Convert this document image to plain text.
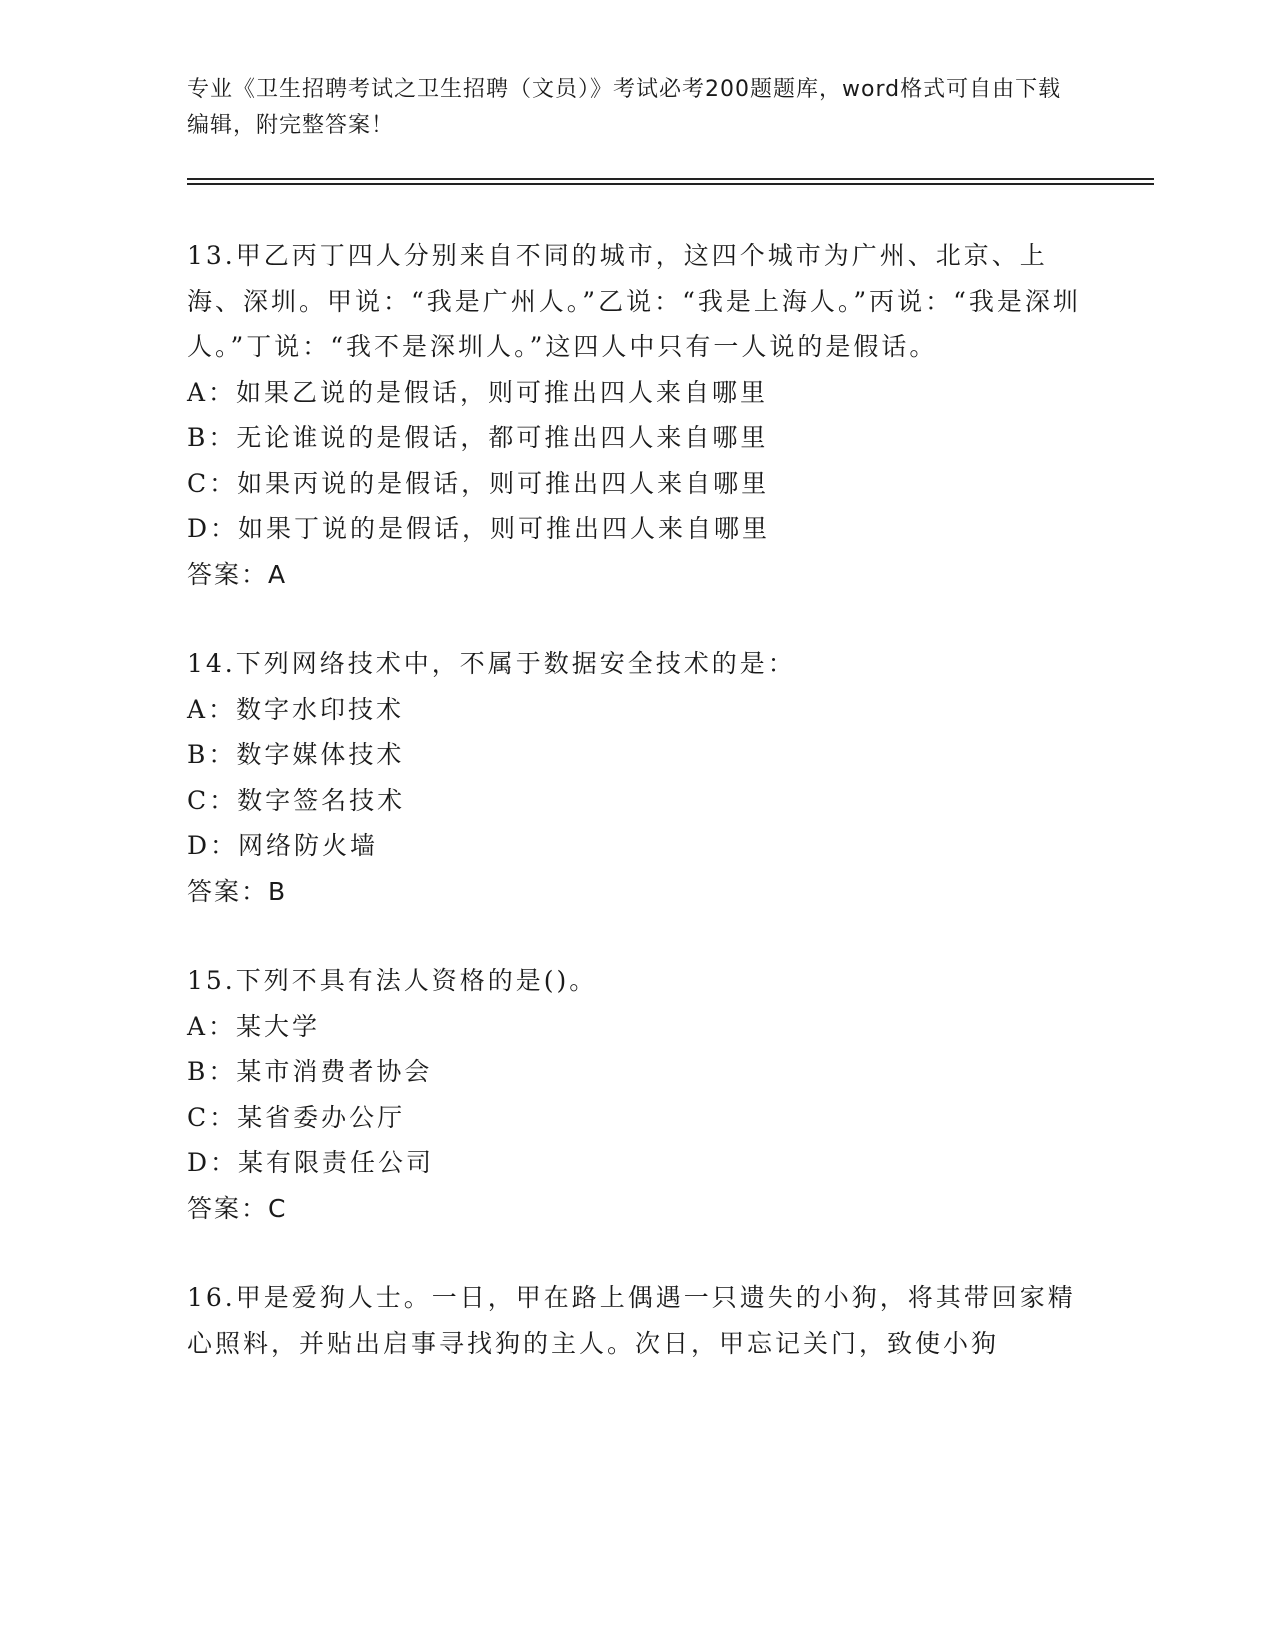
专业《卫生招聘考试之卫生招聘（文员）》考试必考200题题库，word格式可自由下载编辑，附完整答案！

13.甲乙丙丁四人分别来自不同的城市，这四个城市为广州、北京、上海、深圳。甲说：“我是广州人。”乙说：“我是上海人。”丙说：“我是深圳人。”丁说：“我不是深圳人。”这四人中只有一人说的是假话。

A：如果乙说的是假话，则可推出四人来自哪里

B：无论谁说的是假话，都可推出四人来自哪里

C：如果丙说的是假话，则可推出四人来自哪里

D：如果丁说的是假话，则可推出四人来自哪里

答案：A

14.下列网络技术中，不属于数据安全技术的是：

A：数字水印技术

B：数字媒体技术

C：数字签名技术

D：网络防火墙

答案：B

15.下列不具有法人资格的是()。

A：某大学

B：某市消费者协会

C：某省委办公厅

D：某有限责任公司

答案：C

16.甲是爱狗人士。一日，甲在路上偶遇一只遗失的小狗，将其带回家精心照料，并贴出启事寻找狗的主人。次日，甲忘记关门，致使小狗
